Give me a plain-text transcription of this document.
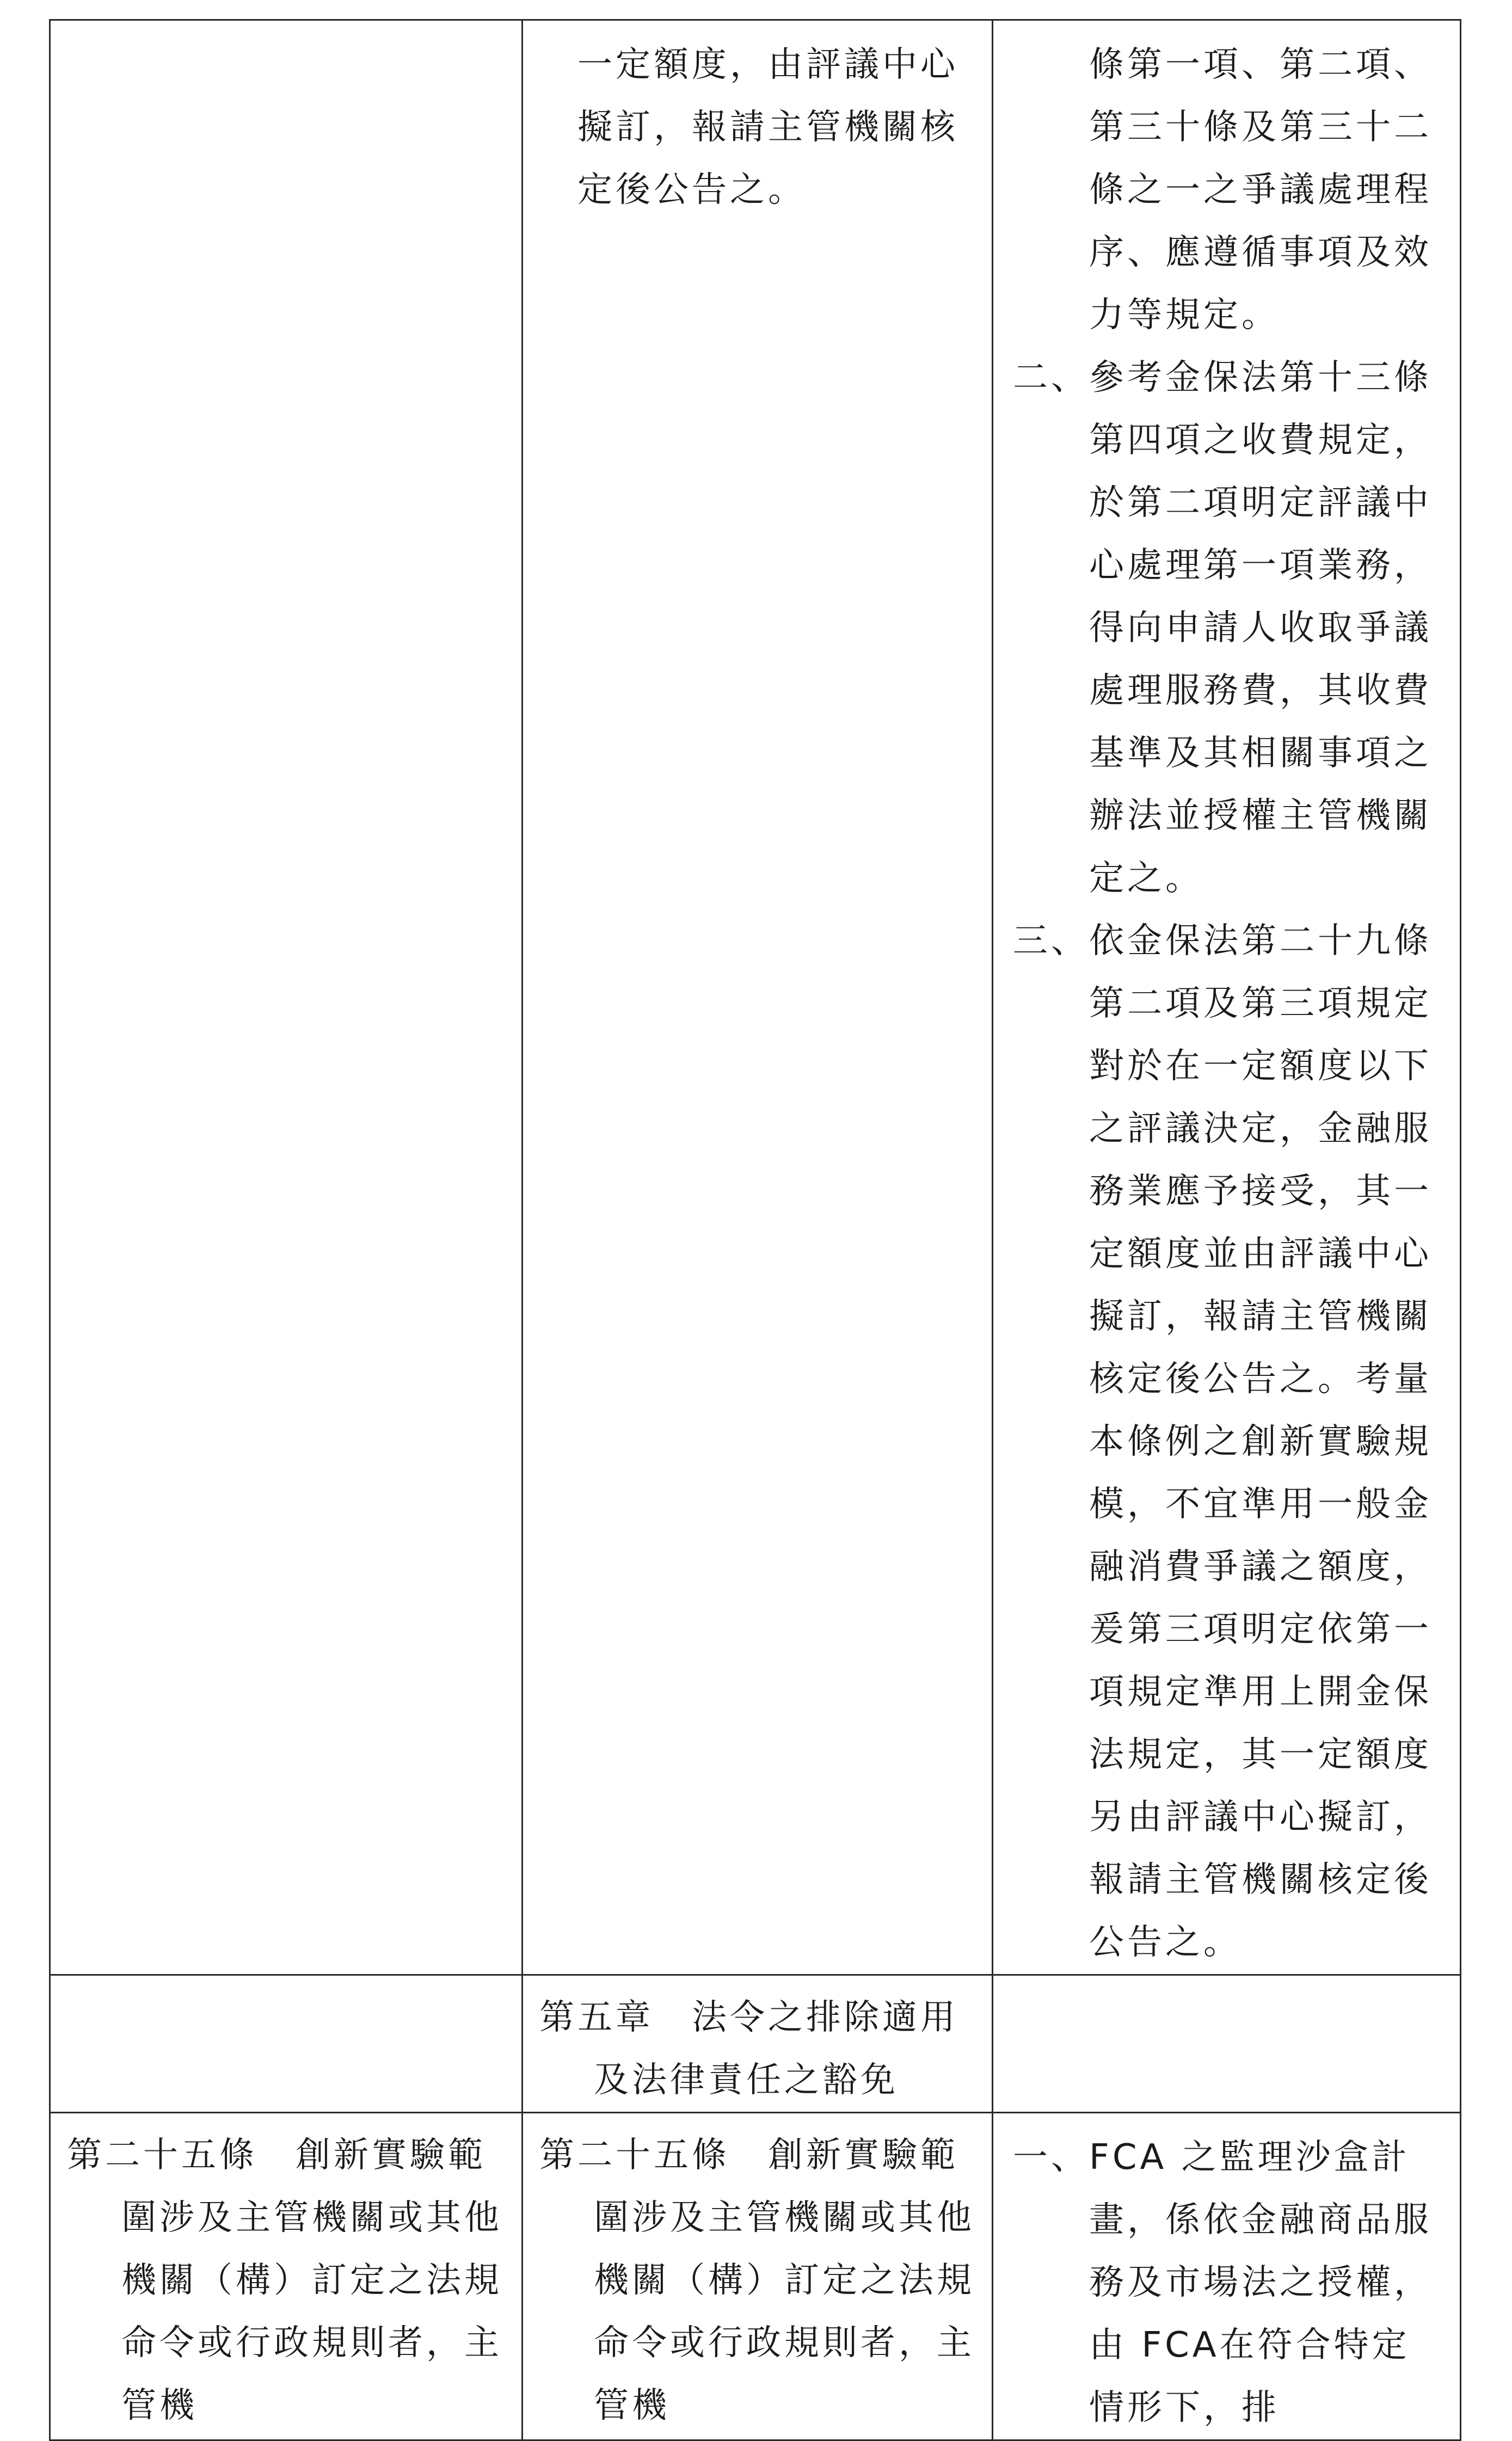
	一定額度，由評議中心擬訂，報請主管機關核定後公告之。	條第一項、第二項、第三十條及第三十二條之一之爭議處理程序、應遵循事項及效力等規定。
二、 參考金保法第十三條第四項之收費規定，於第二項明定評議中心處理第一項業務，得向申請人收取爭議處理服務費，其收費基準及其相關事項之辦法並授權主管機關定之。
三、 依金保法第二十九條第二項及第三項規定對於在一定額度以下之評議決定，金融服務業應予接受，其一定額度並由評議中心擬訂，報請主管機關核定後公告之。考量本條例之創新實驗規模，不宜準用一般金融消費爭議之額度，爰第三項明定依第一項規定準用上開金保法規定，其一定額度另由評議中心擬訂，報請主管機關核定後公告之。

	第五章　法令之排除適用
及法律責任之豁免	

第二十五條　創新實驗範
圍涉及主管機關或其他機關（構）訂定之法規命令或行政規則者，主管機	第二十五條　創新實驗範
圍涉及主管機關或其他機關（構）訂定之法規命令或行政規則者，主管機	一、 FCA 之監理沙盒計畫，係依金融商品服務及市場法之授權，由 FCA在符合特定情形下，排
